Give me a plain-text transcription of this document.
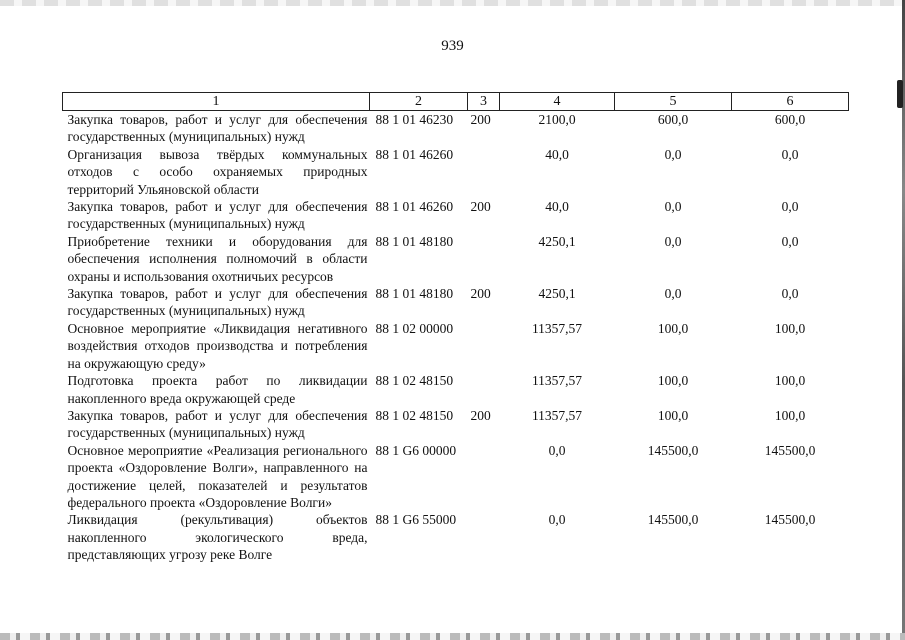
939
1	2	3	4	5	6
Закупка товаров, работ и услуг для обеспечения государственных (муниципальных) нужд	88 1 01 46230	200	2100,0	600,0	600,0
Организация вывоза твёрдых коммунальных отходов с особо охраняемых природных территорий Ульяновской области	88 1 01 46260		40,0	0,0	0,0
Закупка товаров, работ и услуг для обеспечения государственных (муниципальных) нужд	88 1 01 46260	200	40,0	0,0	0,0
Приобретение техники и оборудования для обеспечения исполнения полномочий в области охраны и использования охотничьих ресурсов	88 1 01 48180		4250,1	0,0	0,0
Закупка товаров, работ и услуг для обеспечения государственных (муниципальных) нужд	88 1 01 48180	200	4250,1	0,0	0,0
Основное мероприятие «Ликвидация негативного воздействия отходов производства и потребления на окружающую среду»	88 1 02 00000		11357,57	100,0	100,0
Подготовка проекта работ по ликвидации накопленного вреда окружающей среде	88 1 02 48150		11357,57	100,0	100,0
Закупка товаров, работ и услуг для обеспечения государственных (муниципальных) нужд	88 1 02 48150	200	11357,57	100,0	100,0
Основное мероприятие «Реализация регионального проекта «Оздоровление Волги», направленного на достижение целей, показателей и результатов федерального проекта «Оздоровление Волги»	88 1 G6 00000		0,0	145500,0	145500,0
Ликвидация (рекультивация) объектов накопленного экологического вреда, представляющих угрозу реке Волге	88 1 G6 55000		0,0	145500,0	145500,0
